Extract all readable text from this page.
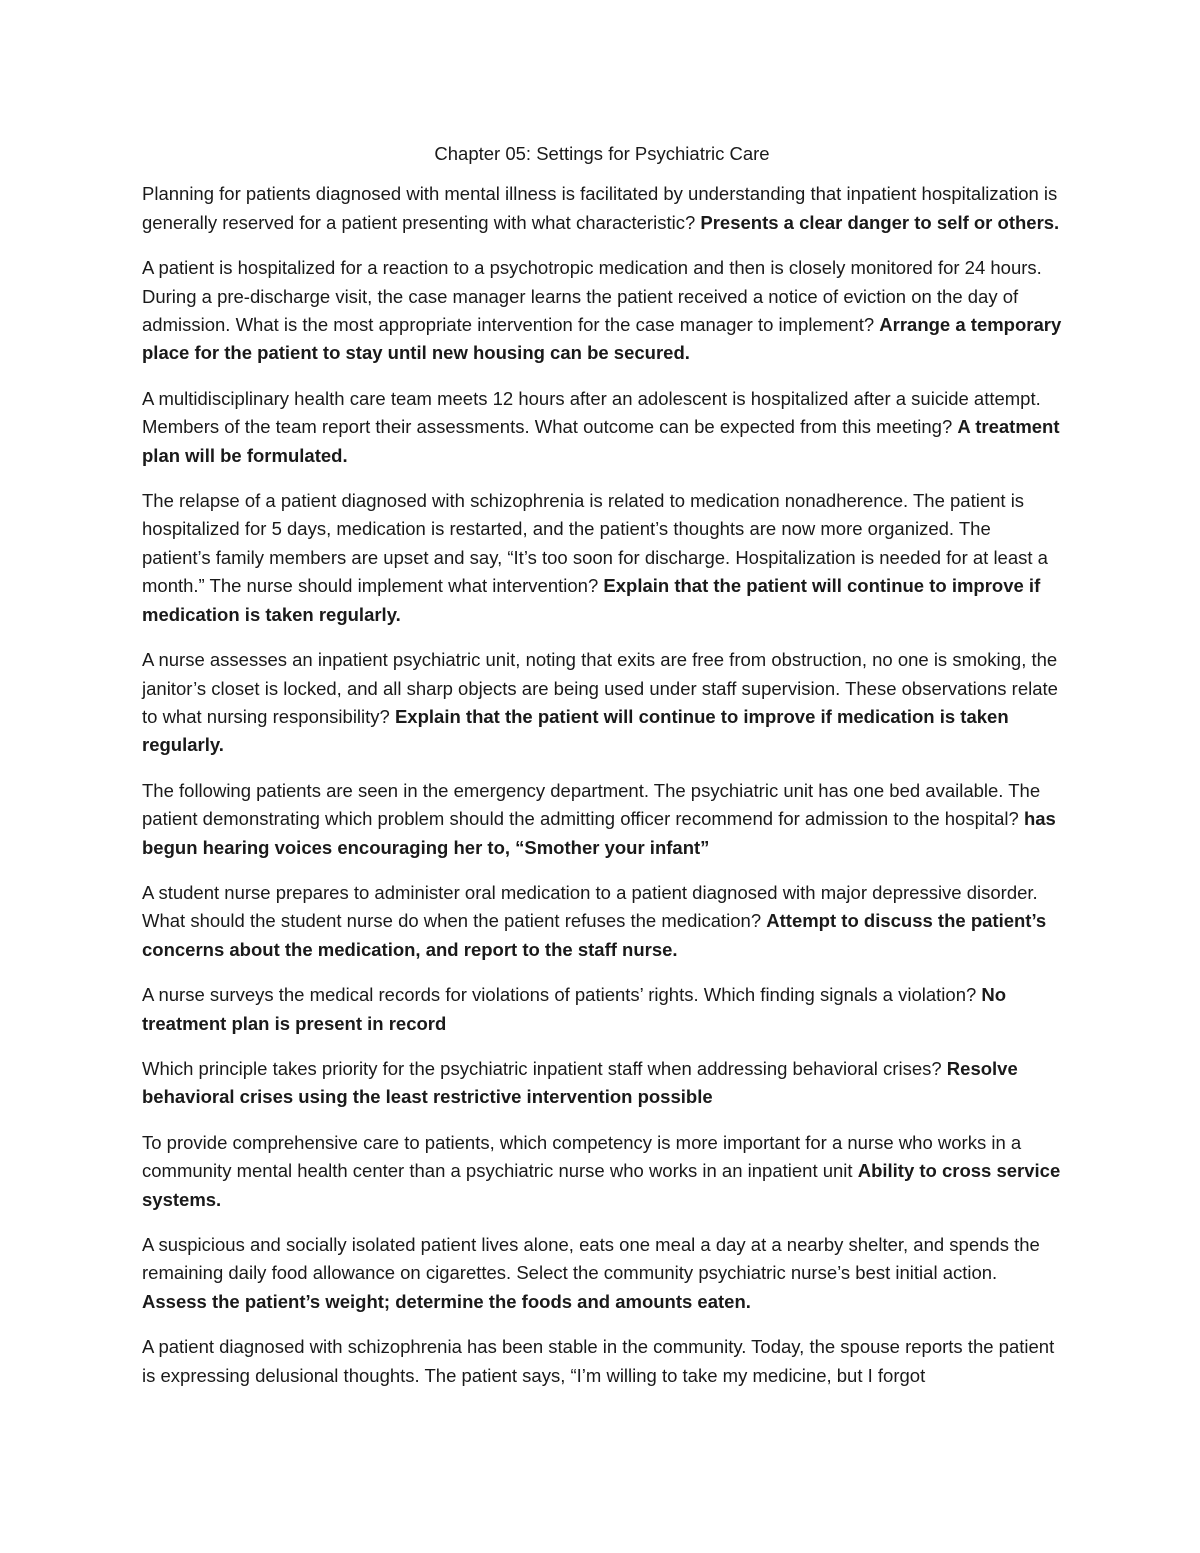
Chapter 05: Settings for Psychiatric Care

Planning for patients diagnosed with mental illness is facilitated by understanding that inpatient hospitalization is generally reserved for a patient presenting with what characteristic? Presents a clear danger to self or others.

A patient is hospitalized for a reaction to a psychotropic medication and then is closely monitored for 24 hours. During a pre-discharge visit, the case manager learns the patient received a notice of eviction on the day of admission. What is the most appropriate intervention for the case manager to implement? Arrange a temporary place for the patient to stay until new housing can be secured.

A multidisciplinary health care team meets 12 hours after an adolescent is hospitalized after a suicide attempt. Members of the team report their assessments. What outcome can be expected from this meeting? A treatment plan will be formulated.

The relapse of a patient diagnosed with schizophrenia is related to medication nonadherence. The patient is hospitalized for 5 days, medication is restarted, and the patient’s thoughts are now more organized. The patient’s family members are upset and say, “It’s too soon for discharge. Hospitalization is needed for at least a month.” The nurse should implement what intervention? Explain that the patient will continue to improve if medication is taken regularly.

A nurse assesses an inpatient psychiatric unit, noting that exits are free from obstruction, no one is smoking, the janitor’s closet is locked, and all sharp objects are being used under staff supervision. These observations relate to what nursing responsibility? Explain that the patient will continue to improve if medication is taken regularly.

The following patients are seen in the emergency department. The psychiatric unit has one bed available. The patient demonstrating which problem should the admitting officer recommend for admission to the hospital? has begun hearing voices encouraging her to, “Smother your infant”

A student nurse prepares to administer oral medication to a patient diagnosed with major depressive disorder. What should the student nurse do when the patient refuses the medication? Attempt to discuss the patient’s concerns about the medication, and report to the staff nurse.

A nurse surveys the medical records for violations of patients’ rights. Which finding signals a violation? No treatment plan is present in record

Which principle takes priority for the psychiatric inpatient staff when addressing behavioral crises? Resolve behavioral crises using the least restrictive intervention possible

To provide comprehensive care to patients, which competency is more important for a nurse who works in a community mental health center than a psychiatric nurse who works in an inpatient unit Ability to cross service systems.

A suspicious and socially isolated patient lives alone, eats one meal a day at a nearby shelter, and spends the remaining daily food allowance on cigarettes. Select the community psychiatric nurse’s best initial action. Assess the patient’s weight; determine the foods and amounts eaten.

A patient diagnosed with schizophrenia has been stable in the community. Today, the spouse reports the patient is expressing delusional thoughts. The patient says, “I’m willing to take my medicine, but I forgot
